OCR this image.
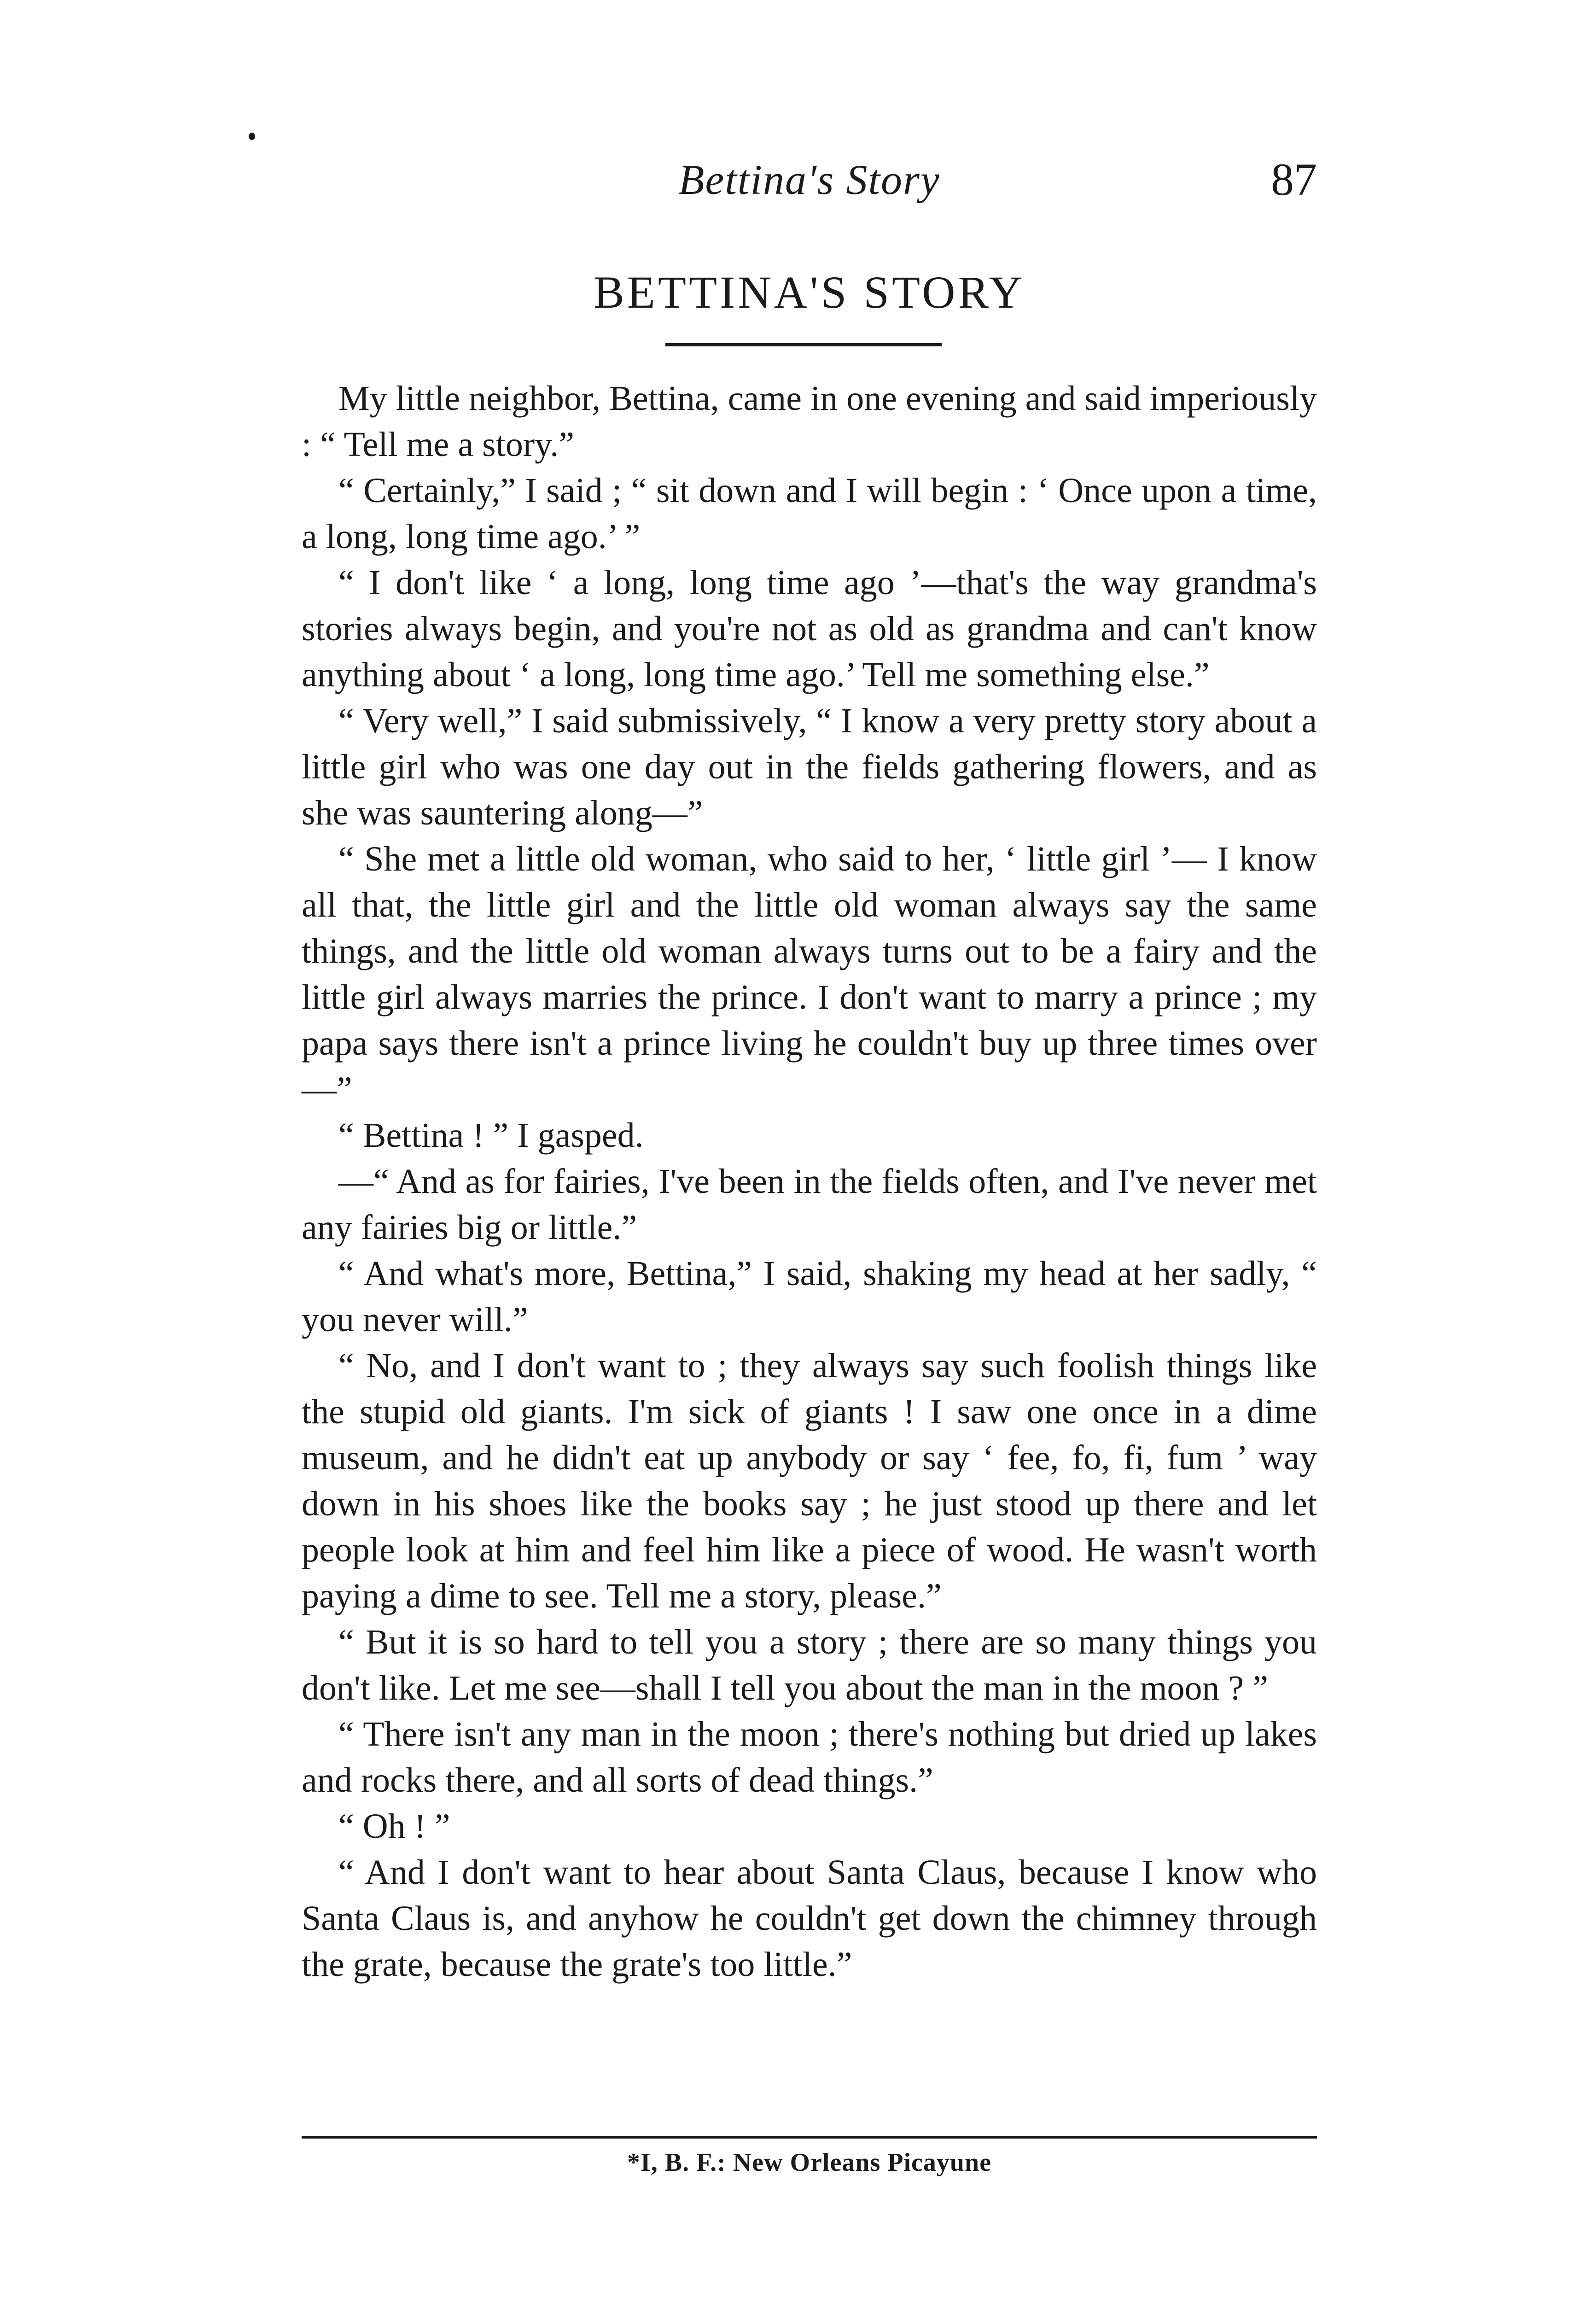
Bettina's Story	87
BETTINA'S STORY

My little neighbor, Bettina, came in one evening and said imperiously : “ Tell me a story.”

“ Certainly,” I said ; “ sit down and I will begin : ‘ Once upon a time, a long, long time ago.’ ”

“ I don't like ‘ a long, long time ago ’—that's the way grandma's stories always begin, and you're not as old as grandma and can't know anything about ‘ a long, long time ago.’ Tell me something else.”

“ Very well,” I said submissively, “ I know a very pretty story about a little girl who was one day out in the fields gathering flowers, and as she was sauntering along—”

“ She met a little old woman, who said to her, ‘ little girl ’— I know all that, the little girl and the little old woman always say the same things, and the little old woman always turns out to be a fairy and the little girl always marries the prince. I don't want to marry a prince ; my papa says there isn't a prince living he couldn't buy up three times over—”

“ Bettina ! ” I gasped.

—“ And as for fairies, I've been in the fields often, and I've never met any fairies big or little.”

“ And what's more, Bettina,” I said, shaking my head at her sadly, “ you never will.”

“ No, and I don't want to ; they always say such foolish things like the stupid old giants. I'm sick of giants ! I saw one once in a dime museum, and he didn't eat up anybody or say ‘ fee, fo, fi, fum ’ way down in his shoes like the books say ; he just stood up there and let people look at him and feel him like a piece of wood. He wasn't worth paying a dime to see. Tell me a story, please.”

“ But it is so hard to tell you a story ; there are so many things you don't like. Let me see—shall I tell you about the man in the moon ? ”

“ There isn't any man in the moon ; there's nothing but dried up lakes and rocks there, and all sorts of dead things.”

“ Oh ! ”

“ And I don't want to hear about Santa Claus, because I know who Santa Claus is, and anyhow he couldn't get down the chimney through the grate, because the grate's too little.”

*I, B. F.: New Orleans Picayune
